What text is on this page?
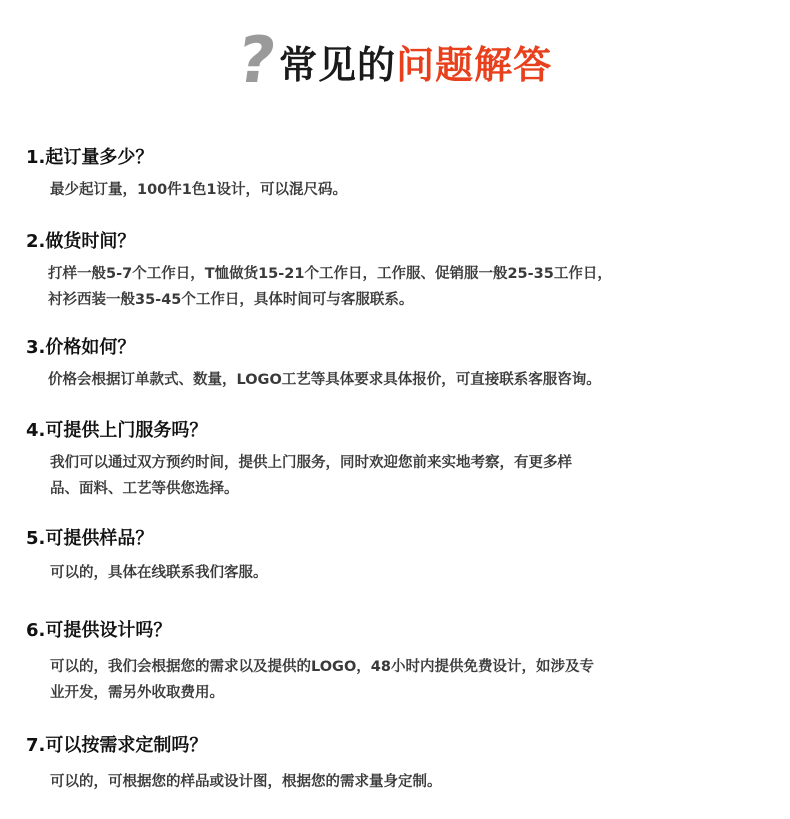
?
常见的 问题解答
1.起订量多少？
最少起订量，100件1色1设计，可以混尺码。
2.做货时间？
打样一般5-7个工作日，T恤做货15-21个工作日，工作服、促销服一般25-35工作日，
衬衫西装一般35-45个工作日，具体时间可与客服联系。
3.价格如何？
价格会根据订单款式、数量，LOGO工艺等具体要求具体报价，可直接联系客服咨询。
4.可提供上门服务吗？
我们可以通过双方预约时间，提供上门服务，同时欢迎您前来实地考察，有更多样
品、面料、工艺等供您选择。
5.可提供样品？
可以的，具体在线联系我们客服。
6.可提供设计吗？
可以的，我们会根据您的需求以及提供的LOGO，48小时内提供免费设计，如涉及专
业开发，需另外收取费用。
7.可以按需求定制吗？
可以的，可根据您的样品或设计图，根据您的需求量身定制。
